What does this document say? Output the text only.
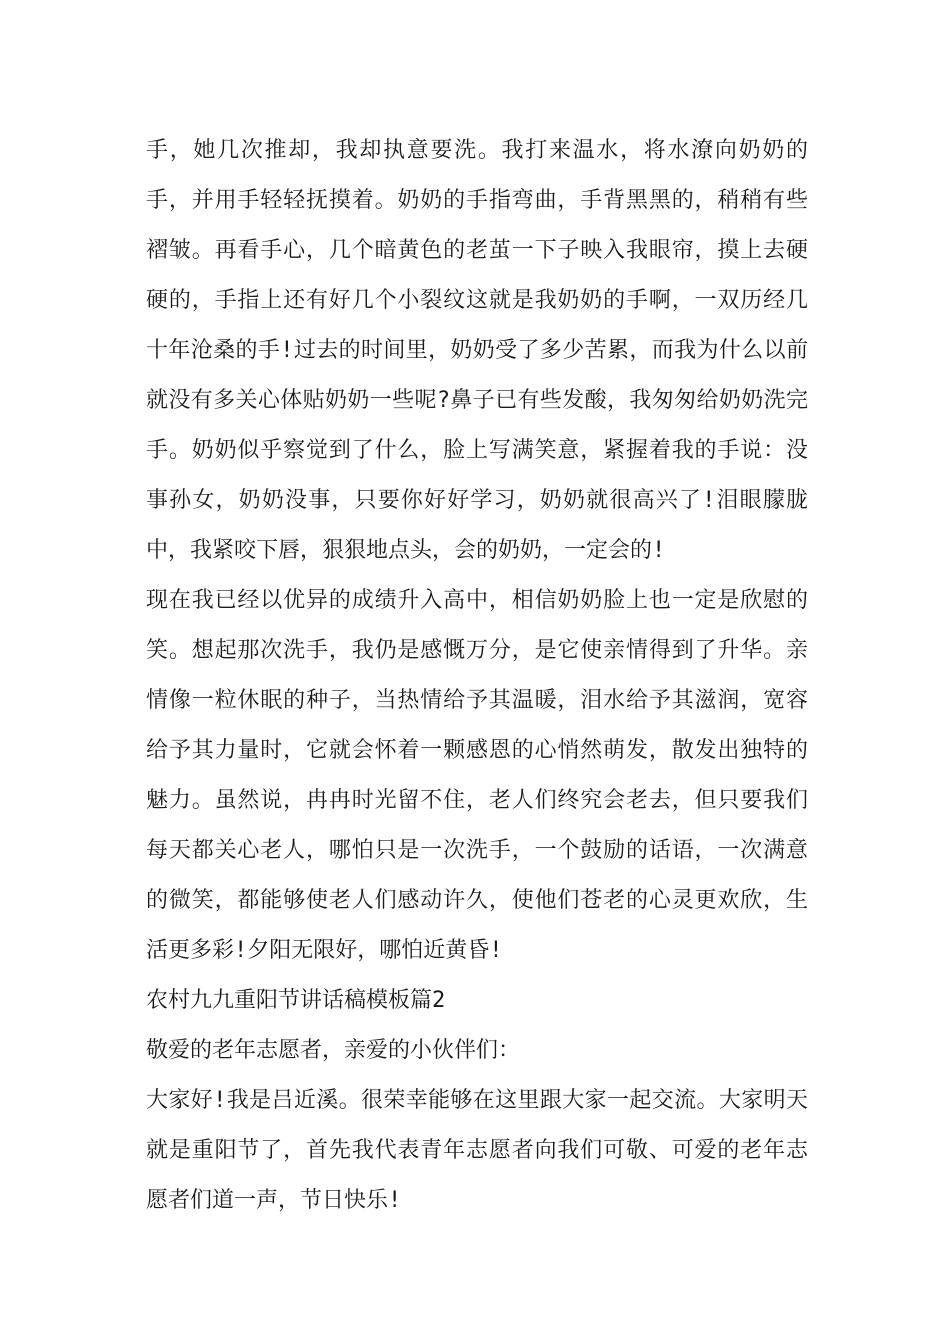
手，她几次推却，我却执意要洗。我打来温水，将水潦向奶奶的
手，并用手轻轻抚摸着。奶奶的手指弯曲，手背黑黑的，稍稍有些
褶皱。再看手心，几个暗黄色的老茧一下子映入我眼帘，摸上去硬
硬的，手指上还有好几个小裂纹这就是我奶奶的手啊，一双历经几
十年沧桑的手!过去的时间里，奶奶受了多少苦累，而我为什么以前
就没有多关心体贴奶奶一些呢?鼻子已有些发酸，我匆匆给奶奶洗完
手。奶奶似乎察觉到了什么，脸上写满笑意，紧握着我的手说：没
事孙女，奶奶没事，只要你好好学习，奶奶就很高兴了!泪眼朦胧
中，我紧咬下唇，狠狠地点头，会的奶奶，一定会的!
现在我已经以优异的成绩升入高中，相信奶奶脸上也一定是欣慰的
笑。想起那次洗手，我仍是感慨万分，是它使亲情得到了升华。亲
情像一粒休眠的种子，当热情给予其温暖，泪水给予其滋润，宽容
给予其力量时，它就会怀着一颗感恩的心悄然萌发，散发出独特的
魅力。虽然说，冉冉时光留不住，老人们终究会老去，但只要我们
每天都关心老人，哪怕只是一次洗手，一个鼓励的话语，一次满意
的微笑，都能够使老人们感动许久，使他们苍老的心灵更欢欣，生
活更多彩!夕阳无限好，哪怕近黄昏!
农村九九重阳节讲话稿模板篇2
敬爱的老年志愿者，亲爱的小伙伴们：
大家好!我是吕近溪。很荣幸能够在这里跟大家一起交流。大家明天
就是重阳节了，首先我代表青年志愿者向我们可敬、可爱的老年志
愿者们道一声，节日快乐!
